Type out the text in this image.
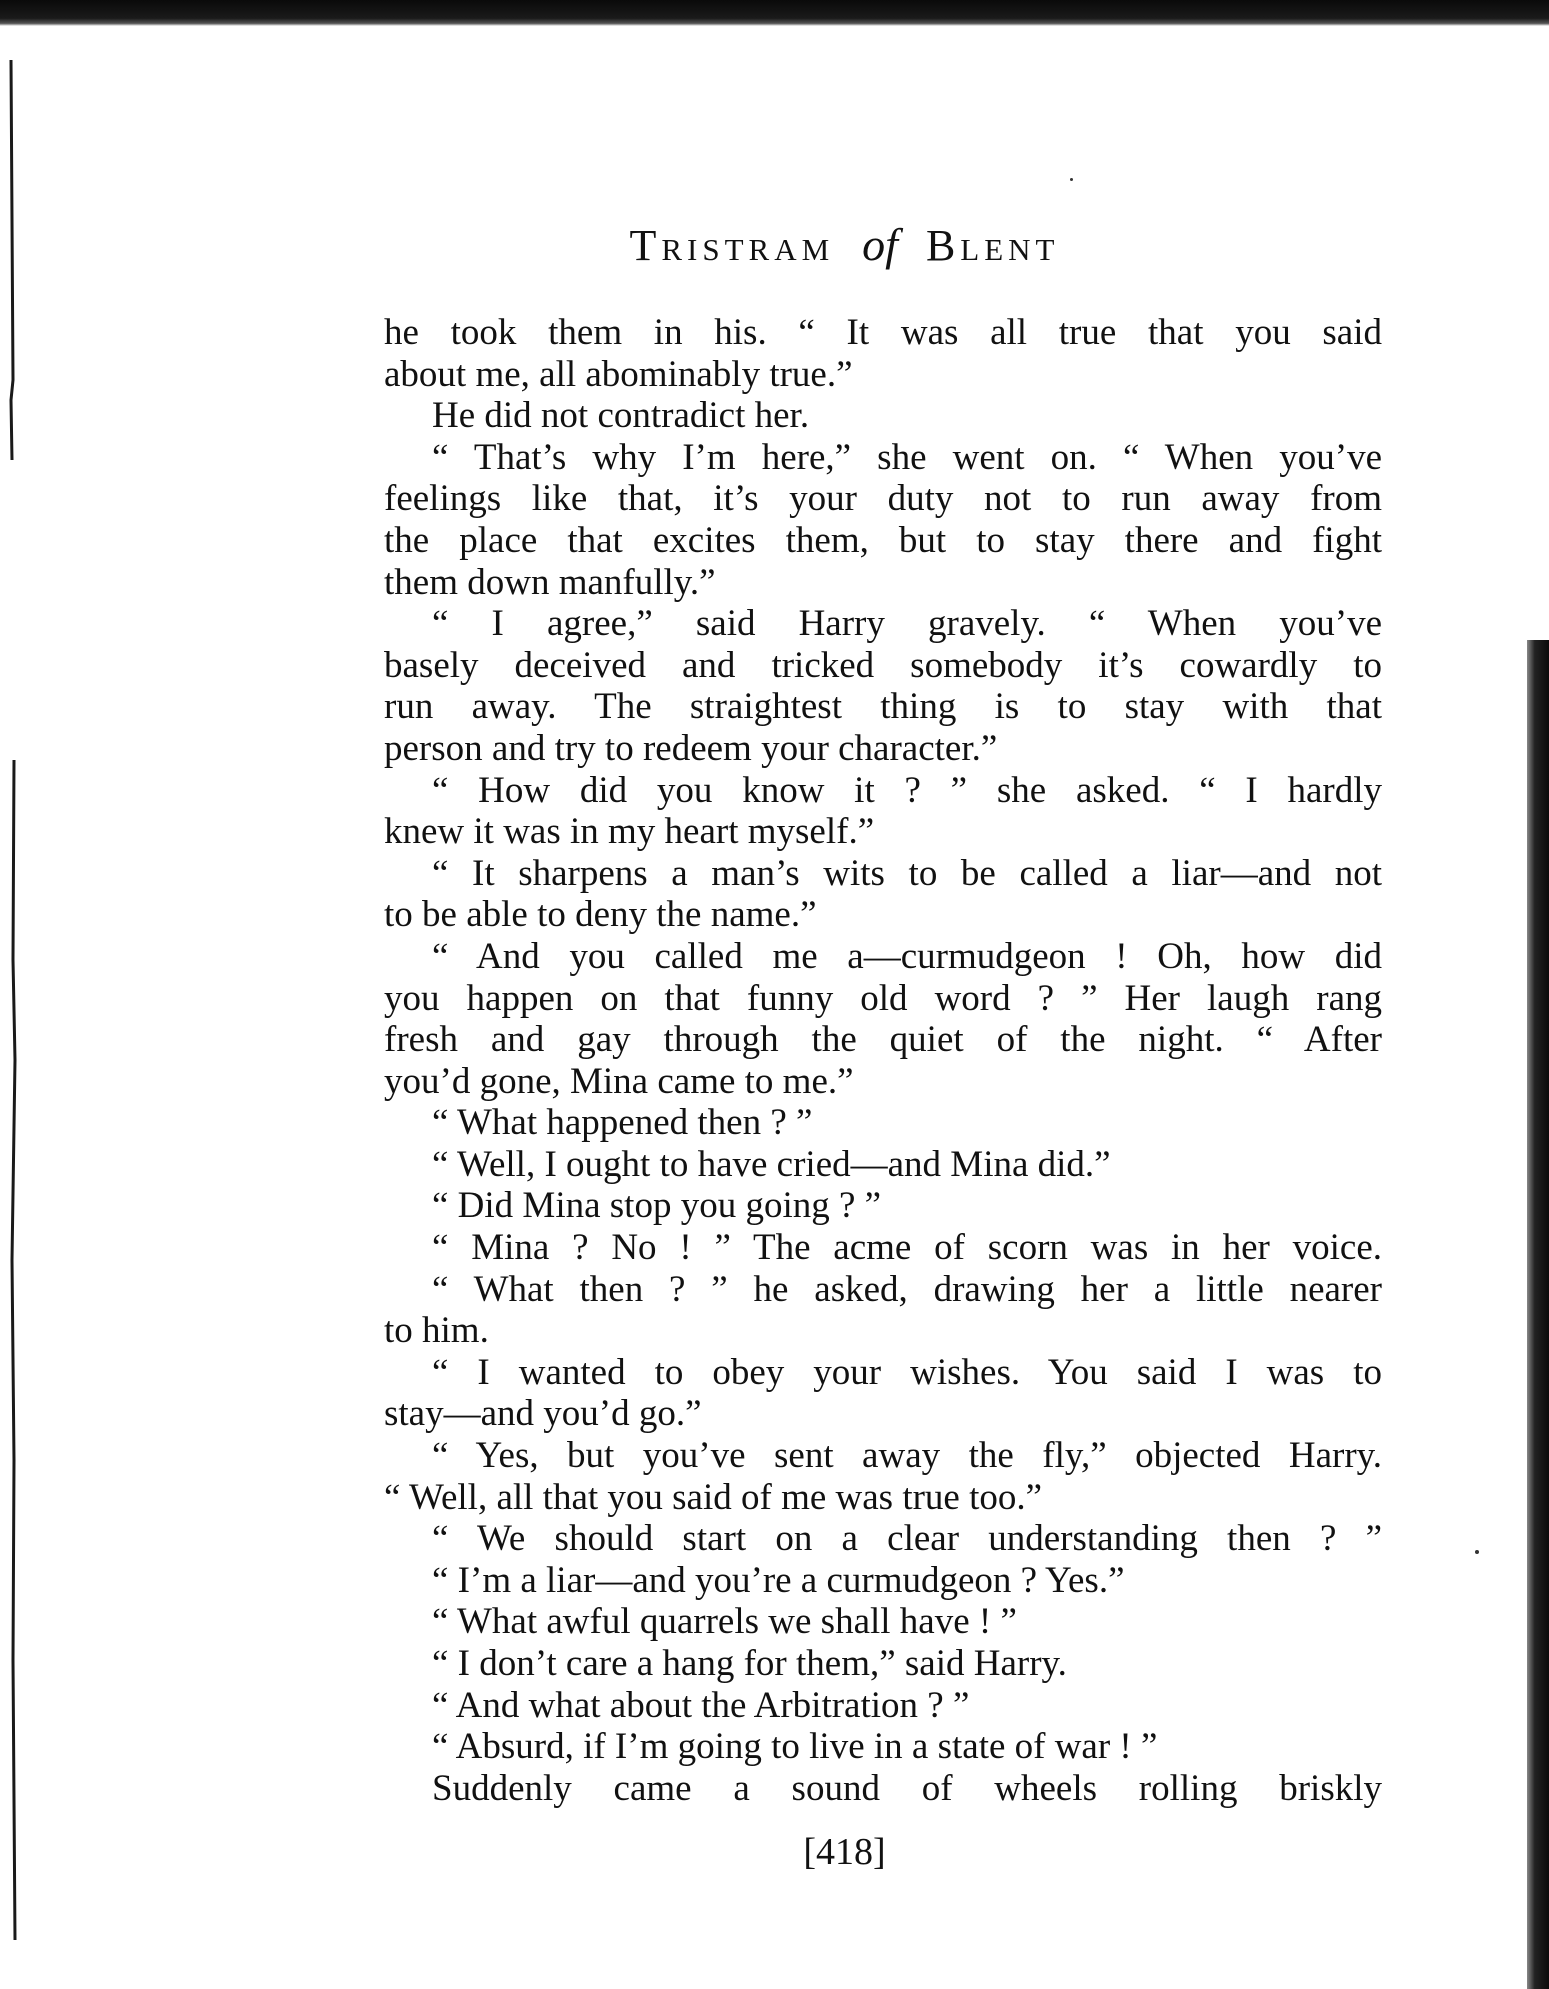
Tristram of Blent
he took them in his. “ It was all true that you said
about me, all abominably true.”
He did not contradict her.
“ That’s why I’m here,” she went on. “ When you’ve
feelings like that, it’s your duty not to run away from
the place that excites them, but to stay there and fight
them down manfully.”
“ I agree,” said Harry gravely. “ When you’ve
basely deceived and tricked somebody it’s cowardly to
run away. The straightest thing is to stay with that
person and try to redeem your character.”
“ How did you know it ? ” she asked. “ I hardly
knew it was in my heart myself.”
“ It sharpens a man’s wits to be called a liar—and not
to be able to deny the name.”
“ And you called me a—curmudgeon ! Oh, how did
you happen on that funny old word ? ” Her laugh rang
fresh and gay through the quiet of the night. “ After
you’d gone, Mina came to me.”
“ What happened then ? ”
“ Well, I ought to have cried—and Mina did.”
“ Did Mina stop you going ? ”
“ Mina ? No ! ” The acme of scorn was in her voice.
“ What then ? ” he asked, drawing her a little nearer
to him.
“ I wanted to obey your wishes. You said I was to
stay—and you’d go.”
“ Yes, but you’ve sent away the fly,” objected Harry.
“ Well, all that you said of me was true too.”
“ We should start on a clear understanding then ? ”
“ I’m a liar—and you’re a curmudgeon ? Yes.”
“ What awful quarrels we shall have ! ”
“ I don’t care a hang for them,” said Harry.
“ And what about the Arbitration ? ”
“ Absurd, if I’m going to live in a state of war ! ”
Suddenly came a sound of wheels rolling briskly
[418]
